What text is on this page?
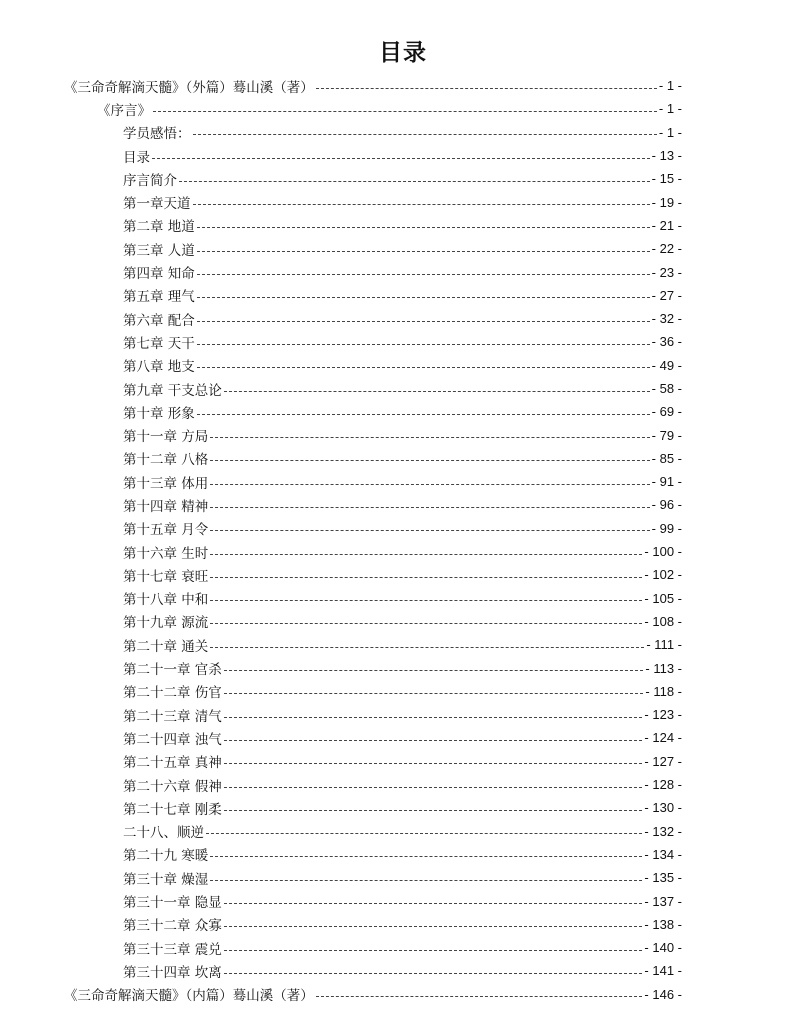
目录
《三命奇解滴天髓》（外篇）蓦山溪（著）	- 1 -
《序言》	- 1 -
学员感悟：	- 1 -
目录	- 13 -
序言简介	- 15 -
第一章天道	- 19 -
第二章 地道	- 21 -
第三章 人道	- 22 -
第四章 知命	- 23 -
第五章 理气	- 27 -
第六章 配合	- 32 -
第七章 天干	- 36 -
第八章 地支	- 49 -
第九章 干支总论	- 58 -
第十章 形象	- 69 -
第十一章 方局	- 79 -
第十二章 八格	- 85 -
第十三章 体用	- 91 -
第十四章 精神	- 96 -
第十五章 月令	- 99 -
第十六章 生时	- 100 -
第十七章 衰旺	- 102 -
第十八章 中和	- 105 -
第十九章 源流	- 108 -
第二十章 通关	- 111 -
第二十一章 官杀	- 113 -
第二十二章 伤官	- 118 -
第二十三章 清气	- 123 -
第二十四章 浊气	- 124 -
第二十五章 真神	- 127 -
第二十六章 假神	- 128 -
第二十七章 刚柔	- 130 -
二十八、顺逆	- 132 -
第二十九 寒暖	- 134 -
第三十章 燥湿	- 135 -
第三十一章 隐显	- 137 -
第三十二章 众寡	- 138 -
第三十三章 震兑	- 140 -
第三十四章 坎离	- 141 -
《三命奇解滴天髓》（内篇）蓦山溪（著）	- 146 -
